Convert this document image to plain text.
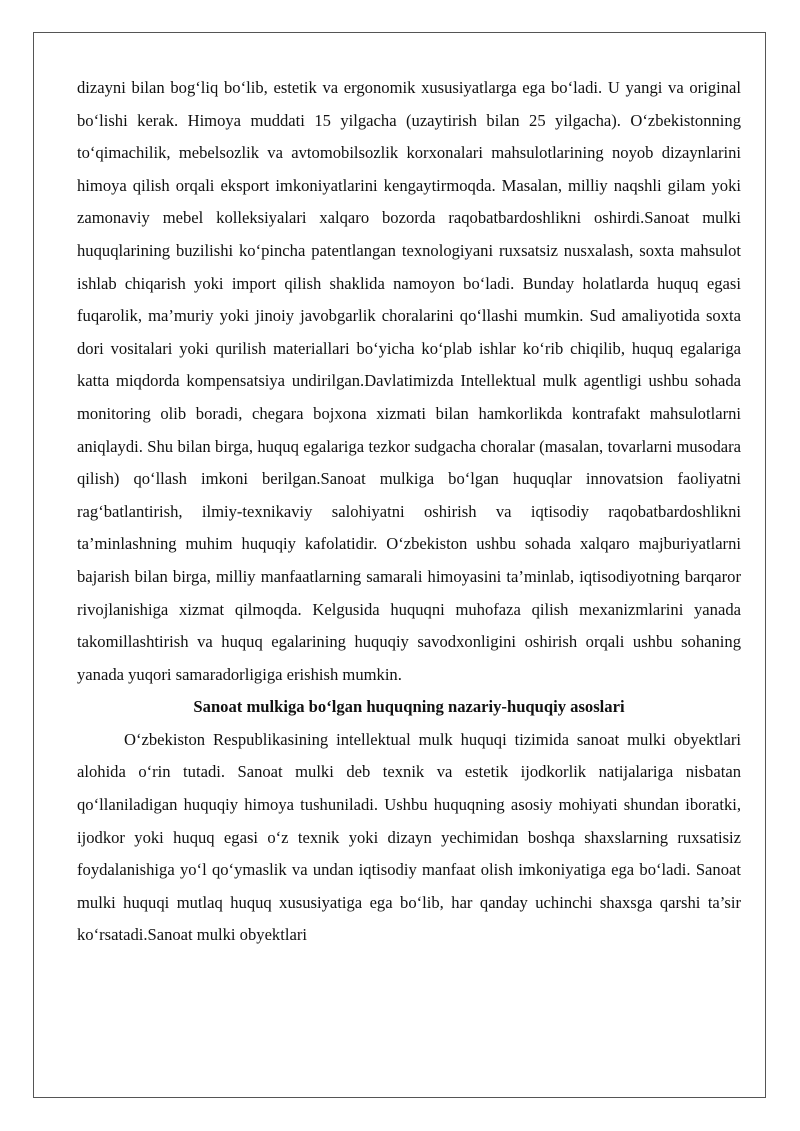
dizayni bilan bog‘liq bo‘lib, estetik va ergonomik xususiyatlarga ega bo‘ladi. U yangi va original bo‘lishi kerak. Himoya muddati 15 yilgacha (uzaytirish bilan 25 yilgacha). O‘zbekistonning to‘qimachilik, mebelsozlik va avtomobilsozlik korxonalari mahsulotlarining noyob dizaynlarini himoya qilish orqali eksport imkoniyatlarini kengaytirmoqda. Masalan, milliy naqshli gilam yoki zamonaviy mebel kolleksiyalari xalqaro bozorda raqobatbardoshlikni oshirdi.Sanoat mulki huquqlarining buzilishi ko‘pincha patentlangan texnologiyani ruxsatsiz nusxalash, soxta mahsulot ishlab chiqarish yoki import qilish shaklida namoyon bo‘ladi. Bunday holatlarda huquq egasi fuqarolik, ma’muriy yoki jinoiy javobgarlik choralarini qo‘llashi mumkin. Sud amaliyotida soxta dori vositalari yoki qurilish materiallari bo‘yicha ko‘plab ishlar ko‘rib chiqilib, huquq egalariga katta miqdorda kompensatsiya undirilgan.Davlatimizda Intellektual mulk agentligi ushbu sohada monitoring olib boradi, chegara bojxona xizmati bilan hamkorlikda kontrafakt mahsulotlarni aniqlaydi. Shu bilan birga, huquq egalariga tezkor sudgacha choralar (masalan, tovarlarni musodara qilish) qo‘llash imkoni berilgan.Sanoat mulkiga bo‘lgan huquqlar innovatsion faoliyatni rag‘batlantirish, ilmiy-texnikaviy salohiyatni oshirish va iqtisodiy raqobatbardoshlikni ta’minlashning muhim huquqiy kafolatidir. O‘zbekiston ushbu sohada xalqaro majburiyatlarni bajarish bilan birga, milliy manfaatlarning samarali himoyasini ta’minlab, iqtisodiyotning barqaror rivojlanishiga xizmat qilmoqda. Kelgusida huquqni muhofaza qilish mexanizmlarini yanada takomillashtirish va huquq egalarining huquqiy savodxonligini oshirish orqali ushbu sohaning yanada yuqori samaradorligiga erishish mumkin.

Sanoat mulkiga bo‘lgan huquqning nazariy-huquqiy asoslari

O‘zbekiston Respublikasining intellektual mulk huquqi tizimida sanoat mulki obyektlari alohida o‘rin tutadi. Sanoat mulki deb texnik va estetik ijodkorlik natijalariga nisbatan qo‘llaniladigan huquqiy himoya tushuniladi. Ushbu huquqning asosiy mohiyati shundan iboratki, ijodkor yoki huquq egasi o‘z texnik yoki dizayn yechimidan boshqa shaxslarning ruxsatisiz foydalanishiga yo‘l qo‘ymaslik va undan iqtisodiy manfaat olish imkoniyatiga ega bo‘ladi. Sanoat mulki huquqi mutlaq huquq xususiyatiga ega bo‘lib, har qanday uchinchi shaxsga qarshi ta’sir ko‘rsatadi.Sanoat mulki obyektlari
